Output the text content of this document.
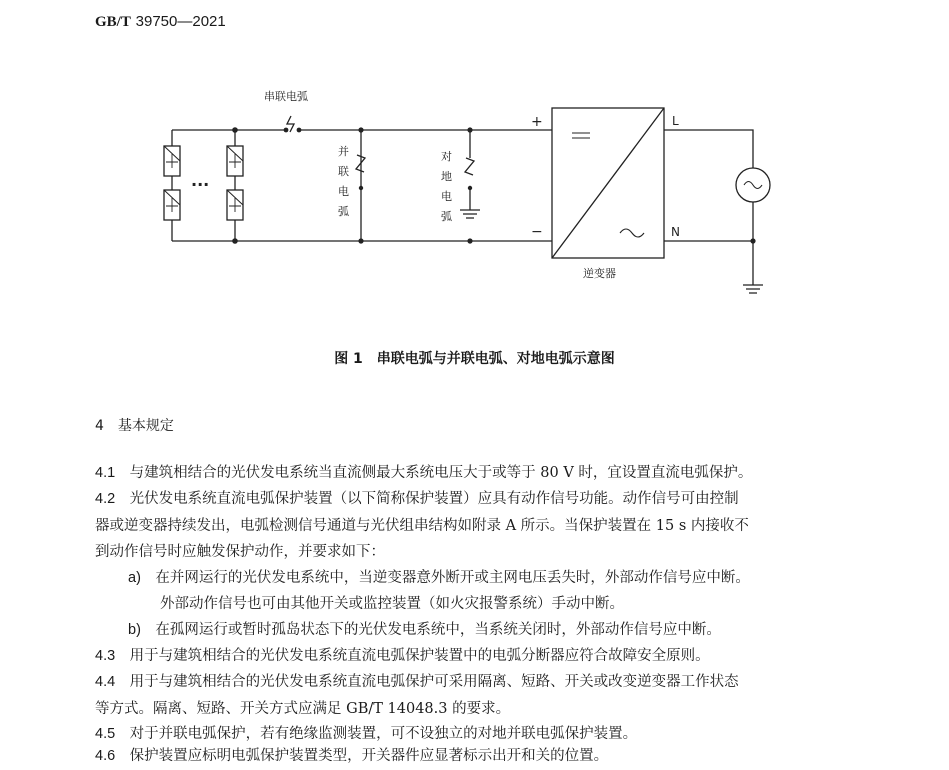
GB/T 39750—2021
串联电弧
并
联
电
弧
对
地
电
弧
+
−
L
N
逆变器
···
图 1　串联电弧与并联电弧、对地电弧示意图
4　 基本规定
4.1　 与建筑相结合的光伏发电系统当直流侧最大系统电压大于或等于 80 V 时，宜设置直流电弧保护。
4.2　 光伏发电系统直流电弧保护装置（以下简称保护装置）应具有动作信号功能。动作信号可由控制
器或逆变器持续发出，电弧检测信号通道与光伏组串结构如附录 A 所示。当保护装置在 15 s 内接收不
到动作信号时应触发保护动作，并要求如下：
a)　 在并网运行的光伏发电系统中，当逆变器意外断开或主网电压丢失时，外部动作信号应中断。
外部动作信号也可由其他开关或监控装置（如火灾报警系统）手动中断。
b)　 在孤网运行或暂时孤岛状态下的光伏发电系统中，当系统关闭时，外部动作信号应中断。
4.3　 用于与建筑相结合的光伏发电系统直流电弧保护装置中的电弧分断器应符合故障安全原则。
4.4　 用于与建筑相结合的光伏发电系统直流电弧保护可采用隔离、短路、开关或改变逆变器工作状态
等方式。隔离、短路、开关方式应满足 GB/T 14048.3 的要求。
4.5　 对于并联电弧保护，若有绝缘监测装置，可不设独立的对地并联电弧保护装置。
4.6　 保护装置应标明电弧保护装置类型，开关器件应显著标示出开和关的位置。
